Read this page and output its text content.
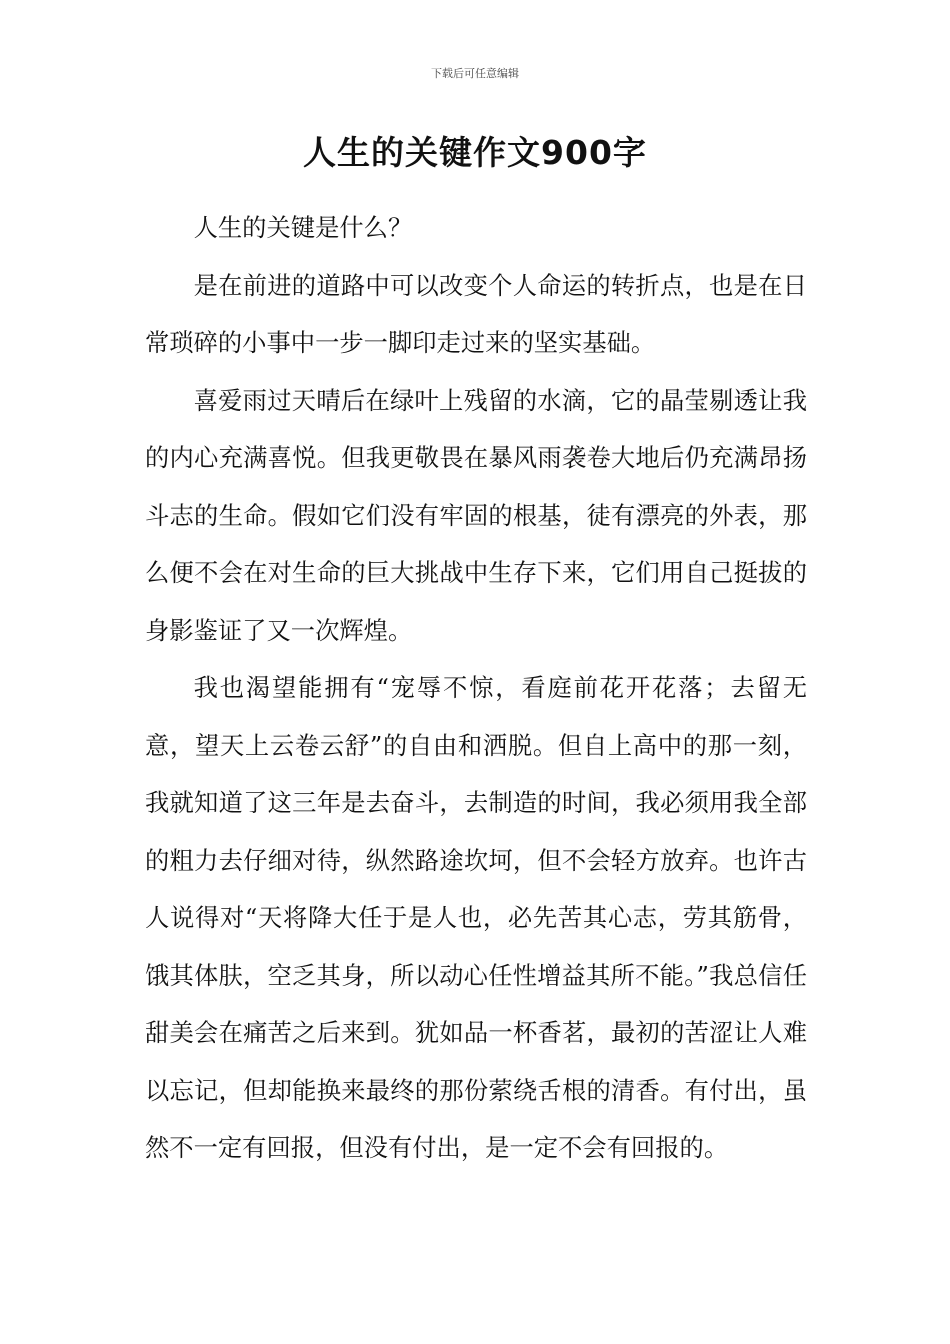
下载后可任意编辑
人生的关键作文900字

人生的关键是什么？

是在前进的道路中可以改变个人命运的转折点，也是在日常琐碎的小事中一步一脚印走过来的坚实基础。

喜爱雨过天晴后在绿叶上残留的水滴，它的晶莹剔透让我的内心充满喜悦。但我更敬畏在暴风雨袭卷大地后仍充满昂扬斗志的生命。假如它们没有牢固的根基，徒有漂亮的外表，那么便不会在对生命的巨大挑战中生存下来，它们用自己挺拔的身影鉴证了又一次辉煌。

我也渴望能拥有“宠辱不惊，看庭前花开花落；去留无意，望天上云卷云舒”的自由和洒脱。但自上高中的那一刻，我就知道了这三年是去奋斗，去制造的时间，我必须用我全部的粗力去仔细对待，纵然路途坎坷，但不会轻方放弃。也许古人说得对“天将降大任于是人也，必先苦其心志，劳其筋骨，饿其体肤，空乏其身，所以动心任性增益其所不能。”我总信任甜美会在痛苦之后来到。犹如品一杯香茗，最初的苦涩让人难以忘记，但却能换来最终的那份萦绕舌根的清香。有付出，虽然不一定有回报，但没有付出，是一定不会有回报的。
